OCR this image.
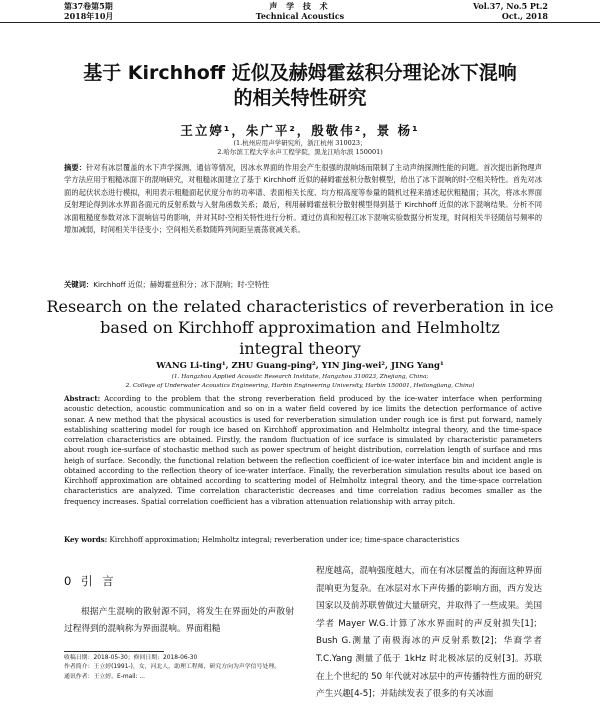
第37卷第5期
2018年10月
声 学 技 术
Technical Acoustics
Vol.37, No.5 Pt.2
Oct., 2018
基于 Kirchhoff 近似及赫姆霍兹积分理论冰下混响
的相关特性研究
王立婷¹，朱广平²，殷敬伟²，景 杨¹
(1.杭州应用声学研究所，浙江杭州 310023；
2.哈尔滨工程大学水声工程学院，黑龙江哈尔滨 150001)
摘要：针对有冰层覆盖的水下声学探测、通信等情况，因冰水界面的作用会产生很强的混响场而限制了主动声纳探测性能的问题。首次提出新物理声学方法应用于粗糙冰面下的混响研究，对粗糙冰面建立了基于 Kirchhoff 近似的赫姆霍兹积分散射模型，给出了冰下混响的时-空相关特性。首先对冰面的起伏状态进行模拟，利用表示粗糙面起伏度分布的功率谱、表面相关长度、均方根高度等参量的随机过程来描述起伏粗糙面；其次，将冰水界面反射理论得到冰水界面各面元的反射系数与入射角函数关系；最后，利用赫姆霍兹积分散射模型得到基于 Kirchhoff 近似的冰下混响结果。分析不同冰面粗糙度参数对冰下混响信号的影响，并对其时-空相关特性进行分析。通过仿真和短程江冰下混响实验数据分析发现，时间相关半径随信号频率的增加减弱，时间相关半径变小；空间相关系数随阵列间距呈震荡衰减关系。
关键词：Kirchhoff 近似；赫姆霍兹积分；冰下混响；时-空特性
Research on the related characteristics of reverberation in ice
based on Kirchhoff approximation and Helmholtz
integral theory
WANG Li-ting¹, ZHU Guang-ping², YIN Jing-wei², JING Yang¹
(1. Hangzhou Applied Acoustic Research Institute, Hangzhou 310023, Zhejiang, China;
2. College of Underwater Acoustics Engineering, Harbin Engineering University, Harbin 150001, Heilongjiang, China)
Abstract: According to the problem that the strong reverberation field produced by the ice-water interface when performing acoustic detection, acoustic communication and so on in a water field covered by ice limits the detection performance of active sonar. A new method that the physical acoustics is used for reverberation simulation under rough ice is first put forward, namely establishing scattering model for rough ice based on Kirchhoff approximation and Helmholtz integral theory, and the time-space correlation characteristics are obtained. Firstly, the random fluctuation of ice surface is simulated by characteristic parameters about rough ice-surface of stochastic method such as power spectrum of height distribution, correlation length of surface and rms heigh of surface. Secondly, the functional relation between the reflection coefficient of ice-water interface bin and incident angle is obtained according to the reflection theory of ice-water interface. Finally, the reverberation simulation results about ice based on Kirchhoff approximation are obtained according to scattering model of Helmholtz integral theory, and the time-space correlation characteristics are analyzed. Time correlation characteristic decreases and time correlation radius becomes smaller as the frequency increases. Spatial correlation coefficient has a vibration attenuation relationship with array pitch.
Key words: Kirchhoff approximation; Helmholtz integral; reverberation under ice; time-space characteristics
0 引 言
根据产生混响的散射源不同，将发生在界面处的声散射过程得到的混响称为界面混响。界面粗糙
程度越高，混响强度越大，而在有冰层覆盖的海面这种界面混响更为复杂。在冰层对水下声传播的影响方面，西方发达国家以及前苏联曾做过大量研究，并取得了一些成果。美国学者 Mayer W.G.计算了冰水界面时的声反射损失[1]；Bush G.测量了南极海冰的声反射系数[2]；华裔学者 T.C.Yang 测量了低于 1kHz 时北极冰层的反射[3]。苏联在上个世纪的 50 年代就对冰层中的声传播特性方面的研究产生兴趣[4-5]；并陆续发表了很多的有关冰面
收稿日期：2018-05-30；修回日期：2018-06-30
作者简介：王立婷(1991-)，女，河北人，助理工程师，研究方向为声学信号处理。
通讯作者：王立婷，E-mail: ...
